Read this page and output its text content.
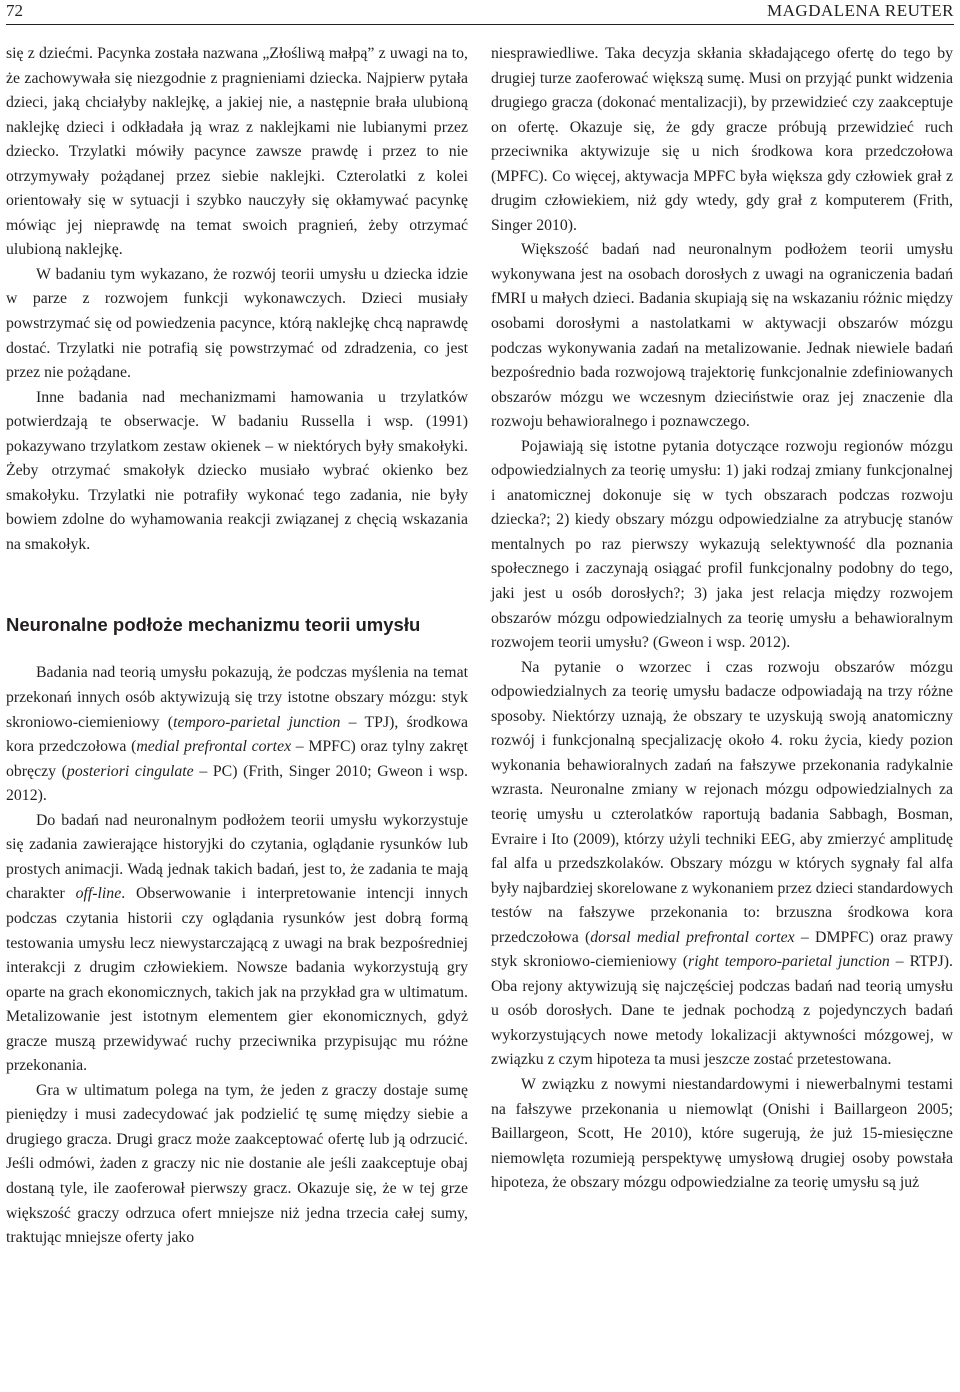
72	MAGDALENA REUTER

się z dziećmi. Pacynka została nazwana „Złośliwą małpą” z uwagi na to, że zachowywała się niezgodnie z pragnieniami dziecka. Najpierw pytała dzieci, jaką chciałyby naklejkę, a jakiej nie, a następnie brała ulubioną naklejkę dzieci i odkładała ją wraz z naklejkami nie lubianymi przez dziecko. Trzylatki mówiły pacyncе zawsze prawdę i przez to nie otrzymywały pożądanej przez siebie naklejki. Czterolatki z kolei orientowały się w sytuacji i szybko nauczyły się okłamywać pacynkę mówiąc jej nieprawdę na temat swoich pragnień, żeby otrzymać ulubioną naklejkę.

W badaniu tym wykazano, że rozwój teorii umysłu u dziecka idzie w parze z rozwojem funkcji wykonawczych. Dzieci musiały powstrzymać się od powiedzenia pacyncе, którą naklejkę chcą naprawdę dostać. Trzylatki nie potrafią się powstrzymać od zdradzenia, co jest przez nie pożądane.

Inne badania nad mechanizmami hamowania u trzylatków potwierdzają te obserwacje. W badaniu Russella i wsp. (1991) pokazywano trzylatkom zestaw okienek – w niektórych były smakołyki. Żeby otrzymać smakołyk dziecko musiało wybrać okienko bez smakołyku. Trzylatki nie potrafiły wykonać tego zadania, nie były bowiem zdolne do wyhamowania reakcji związanej z chęcią wskazania na smakołyk.

Neuronalne podłoże mechanizmu teorii umysłu

Badania nad teorią umysłu pokazują, że podczas myślenia na temat przekonań innych osób aktywizują się trzy istotne obszary mózgu: styk skroniowo-ciemieniowy (temporo-parietal junction – TPJ), środkowa kora przedczołowa (medial prefrontal cortex – MPFC) oraz tylny zakręt obręczy (posteriori cingulate – PC) (Frith, Singer 2010; Gweon i wsp. 2012).

Do badań nad neuronalnym podłożem teorii umysłu wykorzystuje się zadania zawierające historyjki do czytania, oglądanie rysunków lub prostych animacji. Wadą jednak takich badań, jest to, że zadania te mają charakter off-line. Obserwowanie i interpretowanie intencji innych podczas czytania historii czy oglądania rysunków jest dobrą formą testowania umysłu lecz niewystarczającą z uwagi na brak bezpośredniej interakcji z drugim człowiekiem. Nowsze badania wykorzystują gry oparte na grach ekonomicznych, takich jak na przykład gra w ultimatum. Metalizowanie jest istotnym elementem gier ekonomicznych, gdyż gracze muszą przewidywać ruchy przeciwnika przypisując mu różne przekonania.

Gra w ultimatum polega na tym, że jeden z graczy dostaje sumę pieniędzy i musi zadecydować jak podzielić tę sumę między siebie a drugiego gracza. Drugi gracz może zaakceptować ofertę lub ją odrzucić. Jeśli odmówi, żaden z graczy nic nie dostanie ale jeśli zaakceptuje obaj dostaną tyle, ile zaoferował pierwszy gracz. Okazuje się, że w tej grze większość graczy odrzuca ofert mniejsze niż jedna trzecia całej sumy, traktując mniejsze oferty jako

niesprawiedliwe. Taka decyzja skłania składającego ofertę do tego by drugiej turze zaoferować większą sumę. Musi on przyjąć punkt widzenia drugiego gracza (dokonać mentalizacji), by przewidzieć czy zaakceptuje on ofertę. Okazuje się, że gdy gracze próbują przewidzieć ruch przeciwnika aktywizuje się u nich środkowa kora przedczołowa (MPFC). Co więcej, aktywacja MPFC była większa gdy człowiek grał z drugim człowiekiem, niż gdy wtedy, gdy grał z komputerem (Frith, Singer 2010).

Większość badań nad neuronalnym podłożem teorii umysłu wykonywana jest na osobach dorosłych z uwagi na ograniczenia badań fMRI u małych dzieci. Badania skupiają się na wskazaniu różnic między osobami dorosłymi a nastolatkami w aktywacji obszarów mózgu podczas wykonywania zadań na metalizowanie. Jednak niewiele badań bezpośrednio bada rozwojową trajektorię funkcjonalnie zdefiniowanych obszarów mózgu we wczesnym dzieciństwie oraz jej znaczenie dla rozwoju behawioralnego i poznawczego.

Pojawiają się istotne pytania dotyczące rozwoju regionów mózgu odpowiedzialnych za teorię umysłu: 1) jaki rodzaj zmiany funkcjonalnej i anatomicznej dokonuje się w tych obszarach podczas rozwoju dziecka?; 2) kiedy obszary mózgu odpowiedzialne za atrybucję stanów mentalnych po raz pierwszy wykazują selektywność dla poznania społecznego i zaczynają osiągać profil funkcjonalny podobny do tego, jaki jest u osób dorosłych?; 3) jaka jest relacja między rozwojem obszarów mózgu odpowiedzialnych za teorię umysłu a behawioralnym rozwojem teorii umysłu? (Gweon i wsp. 2012).

Na pytanie o wzorzec i czas rozwoju obszarów mózgu odpowiedzialnych za teorię umysłu badacze odpowiadają na trzy różne sposoby. Niektórzy uznają, że obszary te uzyskują swoją anatomiczny rozwój i funkcjonalną specjalizację około 4. roku życia, kiedy pozion wykonania behawioralnych zadań na fałszywe przekonania radykalnie wzrasta. Neuronalne zmiany w rejonach mózgu odpowiedzialnych za teorię umysłu u czterolatków raportują badania Sabbagh, Bosman, Evraire i Ito (2009), którzy użyli techniki EEG, aby zmierzyć amplitudę fal alfa u przedszkolaków. Obszary mózgu w których sygnały fal alfa były najbardziej skorelowane z wykonaniem przez dzieci standardowych testów na fałszywe przekonania to: brzuszna środkowa kora przedczołowa (dorsal medial prefrontal cortex – DMPFC) oraz prawy styk skroniowo-ciemieniowy (right temporo-parietal junction – RTPJ). Oba rejony aktywizują się najczęściej podczas badań nad teorią umysłu u osób dorosłych. Dane te jednak pochodzą z pojedynczych badań wykorzystujących nowe metody lokalizacji aktywności mózgowej, w związku z czym hipoteza ta musi jeszcze zostać przetestowana.

W związku z nowymi niestandardowymi i niewerbalnymi testami na fałszywe przekonania u niemowląt (Onishi i Baillargeon 2005; Baillargeon, Scott, He 2010), które sugerują, że już 15-miesięczne niemowlęta rozumieją perspektywę umysłową drugiej osoby powstała hipoteza, że obszary mózgu odpowiedzialne za teorię umysłu są już
